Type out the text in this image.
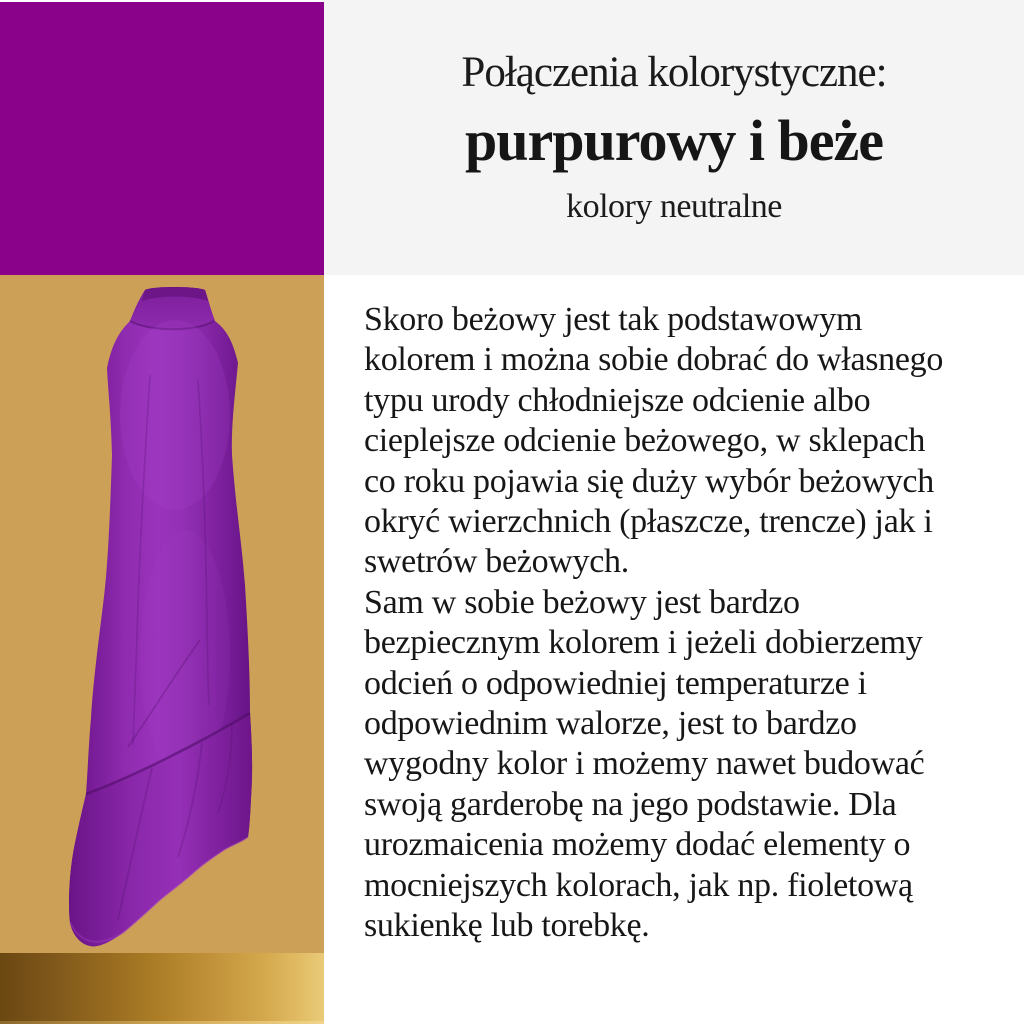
Połączenia kolorystyczne:
purpurowy i beże
kolory neutralne
Skoro beżowy jest tak podstawowym
kolorem i można sobie dobrać do własnego
typu urody chłodniejsze odcienie albo
cieplejsze odcienie beżowego, w sklepach
co roku pojawia się duży wybór beżowych
okryć wierzchnich (płaszcze, trencze) jak i
swetrów beżowych.
Sam w sobie beżowy jest bardzo
bezpiecznym kolorem i jeżeli dobierzemy
odcień o odpowiedniej temperaturze i
odpowiednim walorze, jest to bardzo
wygodny kolor i możemy nawet budować
swoją garderobę na jego podstawie. Dla
urozmaicenia możemy dodać elementy o
mocniejszych kolorach, jak np. fioletową
sukienkę lub torebkę.
